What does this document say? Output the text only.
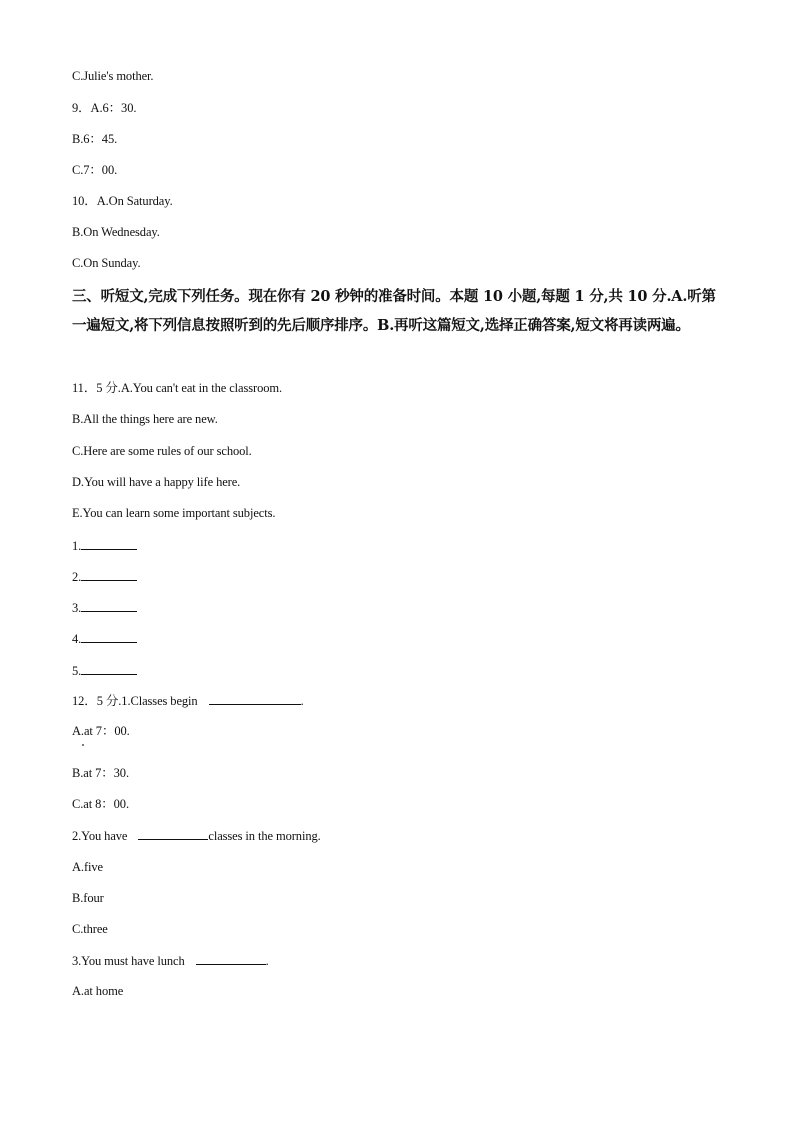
C.Julie's mother.
9．A.6：30.
B.6：45.
C.7：00.
10．A.On Saturday.
B.On Wednesday.
C.On Sunday.
三、听短文,完成下列任务。现在你有 20 秒钟的准备时间。本题 10 小题,每题 1 分,共 10 分.A.听第一遍短文,将下列信息按照听到的先后顺序排序。B.再听这篇短文,选择正确答案,短文将再读两遍。
11．5 分.A.You can't eat in the classroom.
B.All the things here are new.
C.Here are some rules of our school.
D.You will have a happy life here.
E.You can learn some important subjects.
1.
2.
3.
4.
5.
12．5 分.1.Classes begin	.
A.at 7：00.
B.at 7：30.
C.at 8：00.
2.You have	classes in the morning.
A.five
B.four
C.three
3.You must have lunch	.
A.at home
